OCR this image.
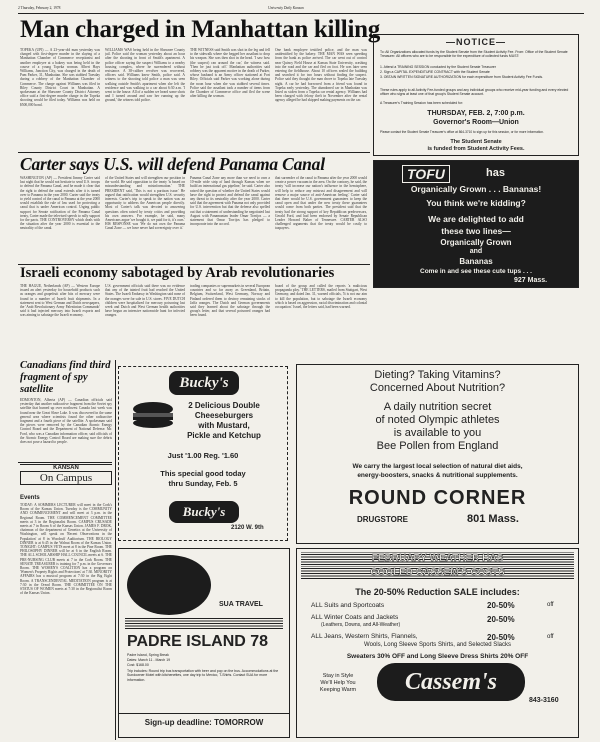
2 Thursday, February 2, 1978	University Daily Kansan
Man charged in Manhattan killing
TOPEKA (UPI) — A 23-year-old man yesterday was charged with first-degree murder in the slaying of a Manhattan Chamber of Commerce receptionist and another employee at a bakery was being held in the course of a young Topeka woman. Albert Hays Williams, Junction City, was charged in the death of Pam Parker, 31, Manhattan. She was stabbed Tuesday during a robbery of the Manhattan Chamber of Commerce. The charge against Williams was filed in Riley County District Court in Manhattan. A spokesman at the Shawnee County District Attorney office said a first-degree murder charge in the Topeka shooting would be filed today. Williams was held on $500,000 bond.
WILLIAMS WAS being held in the Shawnee County jail. Police said the woman yesterday about an hour after the shooting in front of Smith's apartment. A police officer saying the suspect Williams to a nearby housing complex, where he surrendered without resistance. A 38-caliber revolver was recovered, officers said. Williams knew Smith, police said. A witness to the shooting told police a man was seen walking outside Smith's apartment when she left the residence and was walking to a car about 6:30 a.m. 'I went to the house. All of a sudden we heard some shots and I turned around and saw her running up the ground,' the witness told police.
THE WITNESS said Smith was shot in the leg and fell to the sidewalk where she begged her assailant to drop his weapon. She was then shot in the head. 'I saw how (the suspect) ran around the car,' the witness said. 'Then he just took off.' Manhattan authorities said robbery was the apparent motive in the death of Parker, whose husband is an Army officer stationed at Fort Riley. Officials said Parker was working alone during the noon hour when she was stabbed several times. Police said the assailant took a number of items from the Chamber of Commerce office and fled the scene after killing the woman.
One bank employee testified police, and the man was unidentified by the bakery. THE MAN WAS seen speeding from the bank as police arrived. The car went out of control near Quincy Field House at Kansas State University, crashing into the road and the car and fled on foot. He was later seen entering the fieldhouse. About 10 officers sealed the building and searched it for two hours without finding the suspect. Police said they thought the man drove to Topeka late Tuesday night. A car he had borrowed from a friend was found in Topeka early yesterday. The abandoned car in Manhattan was listed as stolen from a Topeka car rental agency. Williams had been charged with felony theft in November after the rental agency alleged he had skipped making payments on the car.
—NOTICE—
To: All Organizations allocated funds by the Student Senate from the Student Activity Fee. From: Office of the Student Senate Treasurer. All officers who are to be responsible for the expenditure of collected funds MUST:
1. Attend a TRAINING SESSION conducted by the Student Senate Treasurer
2. Sign a CAPITAL EXPENDITURE CONTRACT with the Student Senate
3. OBTAIN WRITTEN SIGNATURE AUTHORIZATION for each expenditure from Student Activity Fee Funds.
These rules apply to all Activity Fee-funded groups and any individual groups who receive mid-year funding and every elected officer who signs at least one of that group's Student Senate account.
A Treasurer's Training Session has been scheduled for:
THURSDAY, FEB. 2, 7:00 p.m.
Governor's Room—Union
Please contact the Student Senate Treasurer's office at 864-3710 to sign up for this session, or for more information.
The Student Senate
is funded from Student Activity Fees.
Carter says U.S. will defend Panama Canal
WASHINGTON (AP) — President Jimmy Carter said last night that he would not hesitate to send U.S. troops to defend the Panama Canal, and he made it clear that the right to defend the canal extends after it is turned over to Panama in the year 2000. Carter said the treaty to yield control of the canal to Panama at the year 2000 would establish the rule of law used for protecting a canal that is under American control. Urging public support for Senate ratification of the Panama Canal treaty, Carter made the televised speech to rally support for the pacts. THE CONTROVERSY which deals with the situation after the year 2000 is essential to the neutrality of the canal.
of the United States and will strengthen our position in the world. He said opposition to the treaty 'is based on misunderstanding and misinformation.' THE PRESIDENT said, 'This is not a partisan issue.' He argued that ratification would strengthen U.S. security interests. Carter's trip to speak to the nation was an opportunity to address the American people directly. Most of Carter's talk was devoted to answering questions often raised by treaty critics and providing his own answers. For example, he said, many Americans argue 'we bought it, we paid for it, it's ours.' HIS RESPONSE was 'We do not own the Panama Canal Zone — we have never had sovereignty over it.'
Panama Canal Zone any more than we need to own a 10-mile wide strip of land through Kansas when we build an international gas pipeline,' he said. Carter also raised the question of whether the United States would have the right to protect and defend the canal against any threat to its neutrality after the year 2000. Carter said that the agreement with Panama not only provided for U.S. intervention but that the defense also spelled out that a statement of understanding he negotiated last August with Panamanian leader Omar Torrijos — a statement that Omar Torrijos has pledged to incorporate into the accord.
that surrender of the canal to Panama after the year 2000 would create a power vacuum in the area. On the contrary, he said, the treaty 'will increase our nation's influence in the hemisphere, will help to reduce any mistrust and disagreement and will remove a major source of anti-American feeling.' Carter said that there would be U.S. government guarantees to keep the canal open and that under the new treaty these guarantees would come from both parties. The president said that the treaty had the strong support of key Republican predecessors, Gerald Ford, and had been endorsed by Senate Republican Leader Howard Baker of Tennessee. CARTER ALSO challenged arguments that the treaty would be costly to taxpayers.
TOFU	has
Organically Grown . . . Bananas!
You think we're kidding?
We are delighted to add
these two lines—
Organically Grown
and
Bananas
Come in and see these cute tups . . .
927 Mass.
Israeli economy sabotaged by Arab revolutionaries
THE HAGUE, Netherlands (AP) — Western Europe issued an alert yesterday for household products such as oranges and grapefruit after bits of mercury were found in a number of Israeli fruit shipments. In a statement sent to West German and Dutch newspapers, the 'Arab Revolutionary Army Palestinian Commando' said it had injected mercury into Israeli exports and was aiming to sabotage the Israeli economy.
U.S. government officials said there was no evidence that any of the tainted fruit had reached the United States. The Israeli Embassy in Washington said none of the oranges were for sale in U.S. stores. FIVE DUTCH children were hospitalized for mercury poisoning last week and Dutch and West German health authorities have begun an intensive nationwide hunt for infected oranges.
trading companies or supermarkets in several European countries and so far away as Greenland, Britain, Belgium, Switzerland, West Germany, Norway and Finland ordered them to destroy remaining stocks of Jaffa oranges. The Dutch and German governments said they learned about the sabotage through the group's letter, and that several poisoned oranges had been found.
board of the group and called the reports 'a malicious propaganda ploy.' THE LETTERS, mailed from Stuttgart, West Germany, and dated Jan. 31, warned officials, 'It is not our aim to kill the population, but to sabotage the Israeli economy which is based on aggression, racial discrimination and colonial occupation.' Israel, the letters said, had been warned.
Canadians find third fragment of spy satellite
EDMONTON, Alberta (AP) — Canadian officials said yesterday that another radioactive fragment from the Soviet spy satellite that burned up over northwest Canada last week was found near the Great Slave Lake. It was discovered in the same general area where scientists found the other radioactive fragment and a fourth piece of the satellite. A spokesman said the pieces were removed by the Canadian Atomic Energy Control Board and the Department of National Defense. Mr. Ford, who was a Canadian information officer, said officials of the Atomic Energy Control Board are making sure the debris does not pose a hazard to people.
Bucky's
2 Delicious Double
Cheeseburgers
with Mustard,
Pickle and Ketchup
Just '1.00 Reg. '1.60
This special good today
thru Sunday, Feb. 5
Bucky's
2120 W. 9th
Dieting? Taking Vitamins?
Concerned About Nutrition?
A daily nutrition secret
of noted Olympic athletes
is available to you
Bee Pollen from England
We carry the largest local selection of natural diet aids,
energy-boosters, snacks & nutritional supplements.
ROUND CORNER
DRUGSTORE	801 Mass.
KANSAN
On Campus
Events
TODAY: A SOMMERS LECTURER will meet in the Cork's Room of the Kansas Union. Tuesday is the COMMUNITY AND COMMENCEMENT and will meet at 3 p.m. in the Regional Room. THE COMMENCEMENT COMMITTEE meets at 3 in the Regionalist Room. CAMPUS CRUSADE meets at 7 in Room 6 of the Kansas Union. JAMES F. DROK, chairman of the department of Genetics at the University of Washington, will speak on 'Recent Observations in the Population' at 8 in Woodruff Auditorium. THE BIOLOGY DINNER is at 6:45 in the Walnut Room of the Kansas Union. TONIGHT: CAMPUS VETS meet at 8 in the Pine Room. THE PHILOSOPHY DINNER will be at 6 in the English Room. THE ALL SCHOLARSHIP HALL COUNCIL meets at 6. THE PRE-NURSING CLUB meets at 7 in the Cork Room. THE SENATE TREASURER is training for 7 p.m. in the Governors Room. THE WOMEN'S COALITION has a program on 'Women's Property Rights and Protections' at 7:30. MINORITY AFFAIRS has a musical program at 7:30 in the Big Eight Room. A TRANSCENDENTAL MEDITATION program is at 7:30 in the Oread Room. THE COMMITTEE ON THE STATUS OF WOMEN meets at 7:30 in the Regionalist Room of the Kansas Union.
SUA TRAVEL
PADRE ISLAND 78
Padre Island, Spring Break
Dates: March 11 - March 19
Cost: $168.00
Trip includes: Round trip bus transportation with beer and pop on the bus. Accommodations at the Sundowner Motel with kitchenettes, one day trip to Mexico, T-Shirts. Contact SUA for more information.
Sign-up deadline: TOMORROW
FEBRUARY WEATHER HAS
COOLED CASSEM'S COSTS
The 20-50% Reduction SALE includes:
ALL Suits and Sportcoats	20-50%	off
ALL Winter Coats and Jackets
(Leathers, Downs, and All-Weather)
20-50%
ALL Jeans, Western Shirts, Flannels,	20-50%	off
Wools, Long Sleeve Sports Shirts, and Selected Slacks
Sweaters 30% OFF and Long Sleeve Dress Shirts 20% OFF
Stay in Style
We'll Help You
Keeping Warm	Cassem's
843-3160
